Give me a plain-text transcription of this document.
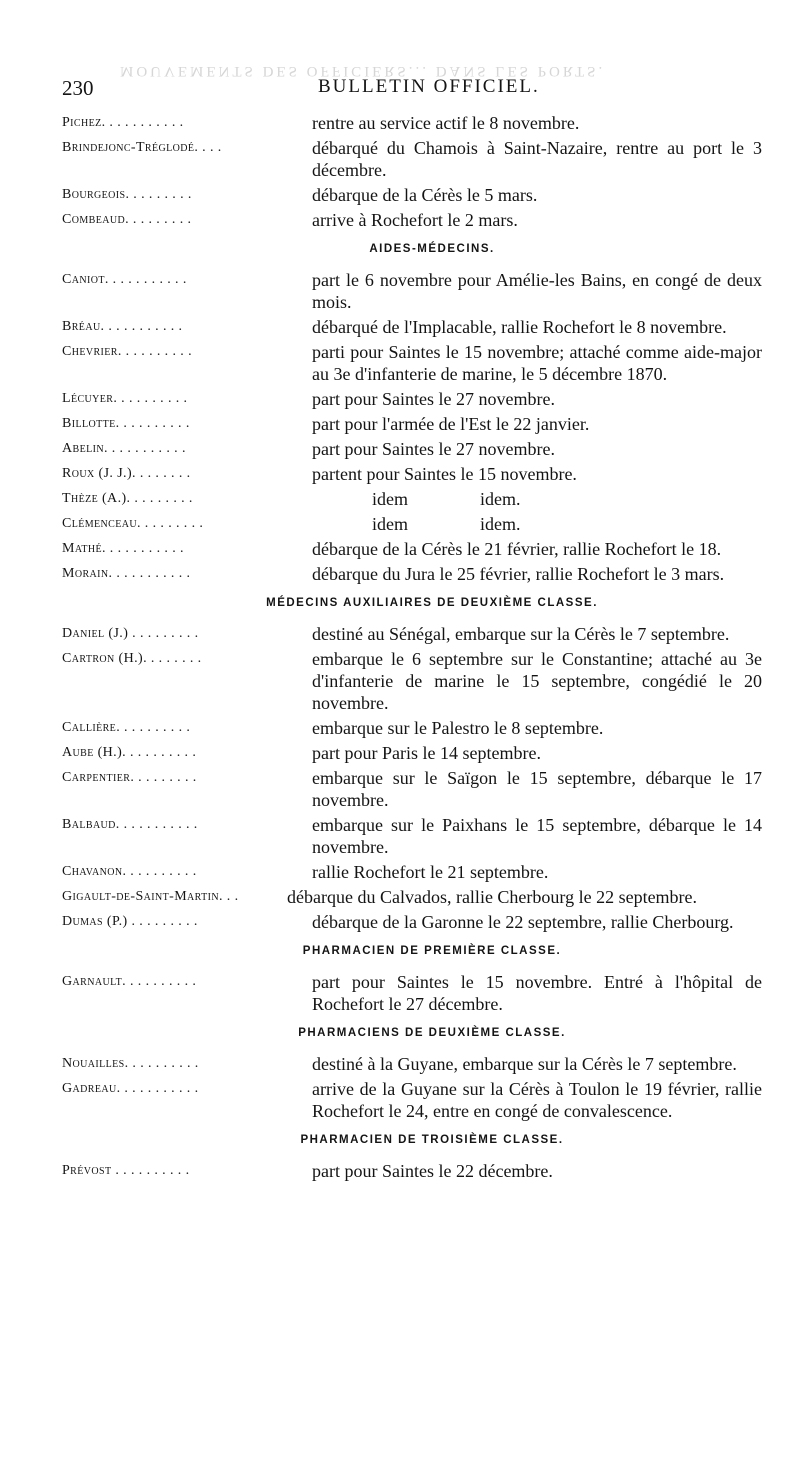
MOUVEMENTS DES OFFICIERS... DANS LES PORTS.
230	BULLETIN OFFICIEL.
Pichez. . . . . . . . . . .	rentre au service actif le 8 novembre.
Brindejonc-Tréglodé. . . .	débarqué du Chamois à Saint-Nazaire, rentre au port le 3 décembre.
Bourgeois. . . . . . . . .	débarque de la Cérès le 5 mars.
Combeaud. . . . . . . . .	arrive à Rochefort le 2 mars.
AIDES-MÉDECINS.
Caniot. . . . . . . . . . .	part le 6 novembre pour Amélie-les Bains, en congé de deux mois.
Bréau. . . . . . . . . . .	débarqué de l'Implacable, rallie Rochefort le 8 novembre.
Chevrier. . . . . . . . . .	parti pour Saintes le 15 novembre; attaché comme aide-major au 3e d'infanterie de marine, le 5 décembre 1870.
Lécuyer. . . . . . . . . .	part pour Saintes le 27 novembre.
Billotte. . . . . . . . . .	part pour l'armée de l'Est le 22 janvier.
Abelin. . . . . . . . . . .	part pour Saintes le 27 novembre.
Roux (J. J.). . . . . . . .	partent pour Saintes le 15 novembre.
Thèze (A.). . . . . . . . .	idem                idem.
Clémenceau. . . . . . . . .	idem                idem.
Mathé. . . . . . . . . . .	débarque de la Cérès le 21 février, rallie Rochefort le 18.
Morain. . . . . . . . . . .	débarque du Jura le 25 février, rallie Rochefort le 3 mars.
MÉDECINS AUXILIAIRES DE DEUXIÈME CLASSE.
Daniel (J.) . . . . . . . . .	destiné au Sénégal, embarque sur la Cérès le 7 septembre.
Cartron (H.). . . . . . . .	embarque le 6 septembre sur le Constantine; attaché au 3e d'infanterie de marine le 15 septembre, congédié le 20 novembre.
Callière. . . . . . . . . .	embarque sur le Palestro le 8 septembre.
Aube (H.). . . . . . . . . .	part pour Paris le 14 septembre.
Carpentier. . . . . . . . .	embarque sur le Saïgon le 15 septembre, débarque le 17 novembre.
Balbaud. . . . . . . . . . .	embarque sur le Paixhans le 15 septembre, débarque le 14 novembre.
Chavanon. . . . . . . . . .	rallie Rochefort le 21 septembre.
Gigault-de-Saint-Martin. . .	débarque du Calvados, rallie Cherbourg le 22 septembre.
Dumas (P.) . . . . . . . . .	débarque de la Garonne le 22 septembre, rallie Cherbourg.
PHARMACIEN DE PREMIÈRE CLASSE.
Garnault. . . . . . . . . .	part pour Saintes le 15 novembre. Entré à l'hôpital de Rochefort le 27 décembre.
PHARMACIENS DE DEUXIÈME CLASSE.
Nouailles. . . . . . . . . .	destiné à la Guyane, embarque sur la Cérès le 7 septembre.
Gadreau. . . . . . . . . . .	arrive de la Guyane sur la Cérès à Toulon le 19 février, rallie Rochefort le 24, entre en congé de convalescence.
PHARMACIEN DE TROISIÈME CLASSE.
Prévost . . . . . . . . . .	part pour Saintes le 22 décembre.
